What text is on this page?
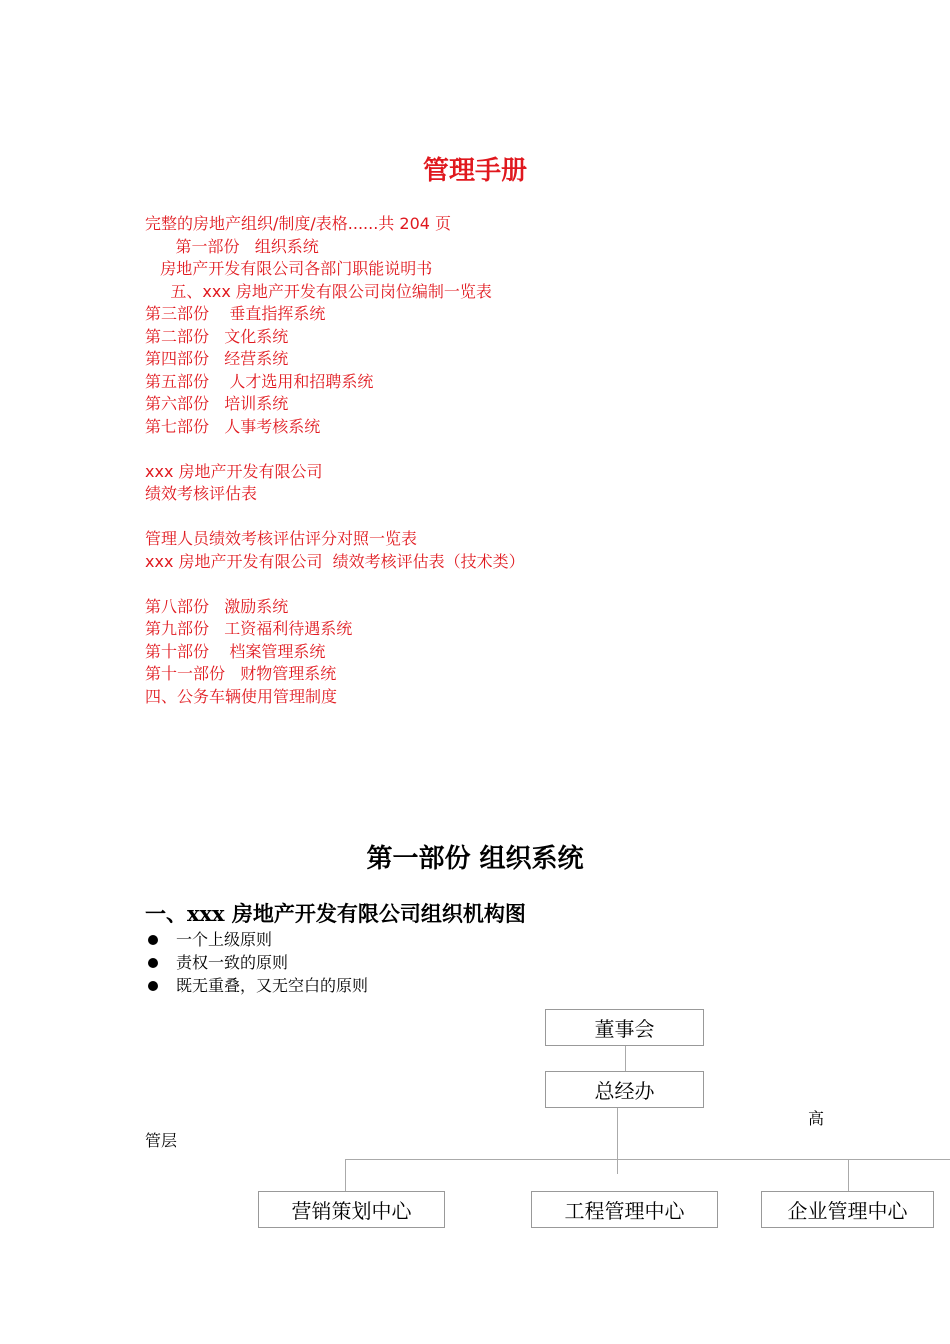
管理手册
完整的房地产组织/制度/表格......共 204 页
第一部份   组织系统
房地产开发有限公司各部门职能说明书
五、xxx 房地产开发有限公司岗位编制一览表
第三部份    垂直指挥系统
第二部份   文化系统
第四部份   经营系统
第五部份    人才选用和招聘系统
第六部份   培训系统
第七部份   人事考核系统
xxx 房地产开发有限公司
绩效考核评估表
管理人员绩效考核评估评分对照一览表
xxx 房地产开发有限公司  绩效考核评估表（技术类）
第八部份   激励系统
第九部份   工资福利待遇系统
第十部份    档案管理系统
第十一部份   财物管理系统
四、公务车辆使用管理制度
第一部份 组织系统
一、xxx 房地产开发有限公司组织机构图
一个上级原则
责权一致的原则
既无重叠，又无空白的原则
董事会
总经办
高
管层
营销策划中心	工程管理中心	企业管理中心
